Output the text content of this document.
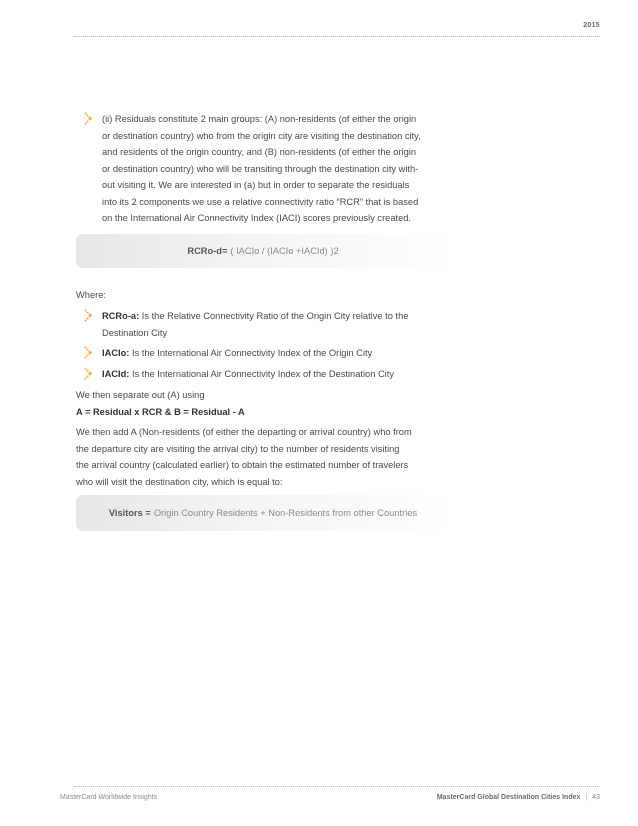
2015
(ii) Residuals constitute 2 main groups: (A) non-residents (of either the origin
or destination country) who from the origin city are visiting the destination city,
and residents of the origin country, and (B) non-residents (of either the origin
or destination country) who will be transiting through the destination city with-
out visiting it. We are interested in (a) but in order to separate the residuals
into its 2 components we use a relative connectivity ratio “RCR” that is based
on the International Air Connectivity Index (IACI) scores previously created.
RCRo-d= ( IACIo / (IACIo +IACId) )2
Where:
RCRo-a: Is the Relative Connectivity Ratio of the Origin City relative to the
Destination City
IACIo: Is the International Air Connectivity Index of the Origin City
IACId: Is the International Air Connectivity Index of the Destination City
We then separate out (A) using
A = Residual x RCR & B = Residual - A
We then add A (Non-residents (of either the departing or arrival country) who from
the departure city are visiting the arrival city) to the number of residents visiting
the arrival country (calculated earlier) to obtain the estimated number of travelers
who will visit the destination city, which is equal to:
Visitors = Origin Country Residents + Non-Residents from other Countries
MasterCard Worldwide Insights	MasterCard Global Destination Cities Index | 43
